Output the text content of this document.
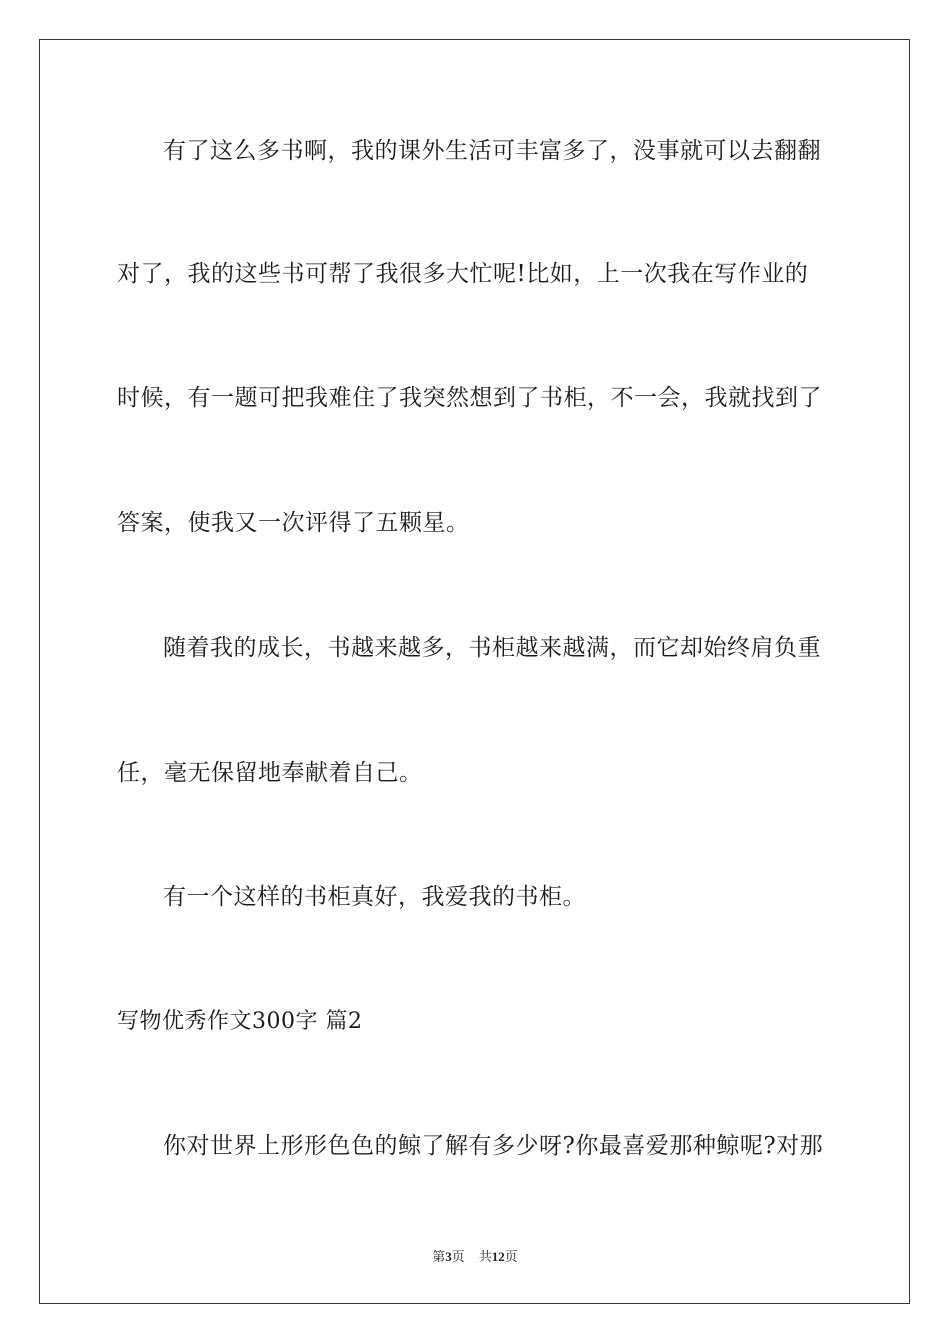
有了这么多书啊，我的课外生活可丰富多了，没事就可以去翻翻
对了，我的这些书可帮了我很多大忙呢!比如，上一次我在写作业的
时候，有一题可把我难住了我突然想到了书柜，不一会，我就找到了
答案，使我又一次评得了五颗星。
随着我的成长，书越来越多，书柜越来越满，而它却始终肩负重
任，毫无保留地奉献着自己。
有一个这样的书柜真好，我爱我的书柜。
写物优秀作文300字 篇2
你对世界上形形色色的鲸了解有多少呀?你最喜爱那种鲸呢?对那
第3页 共12页
